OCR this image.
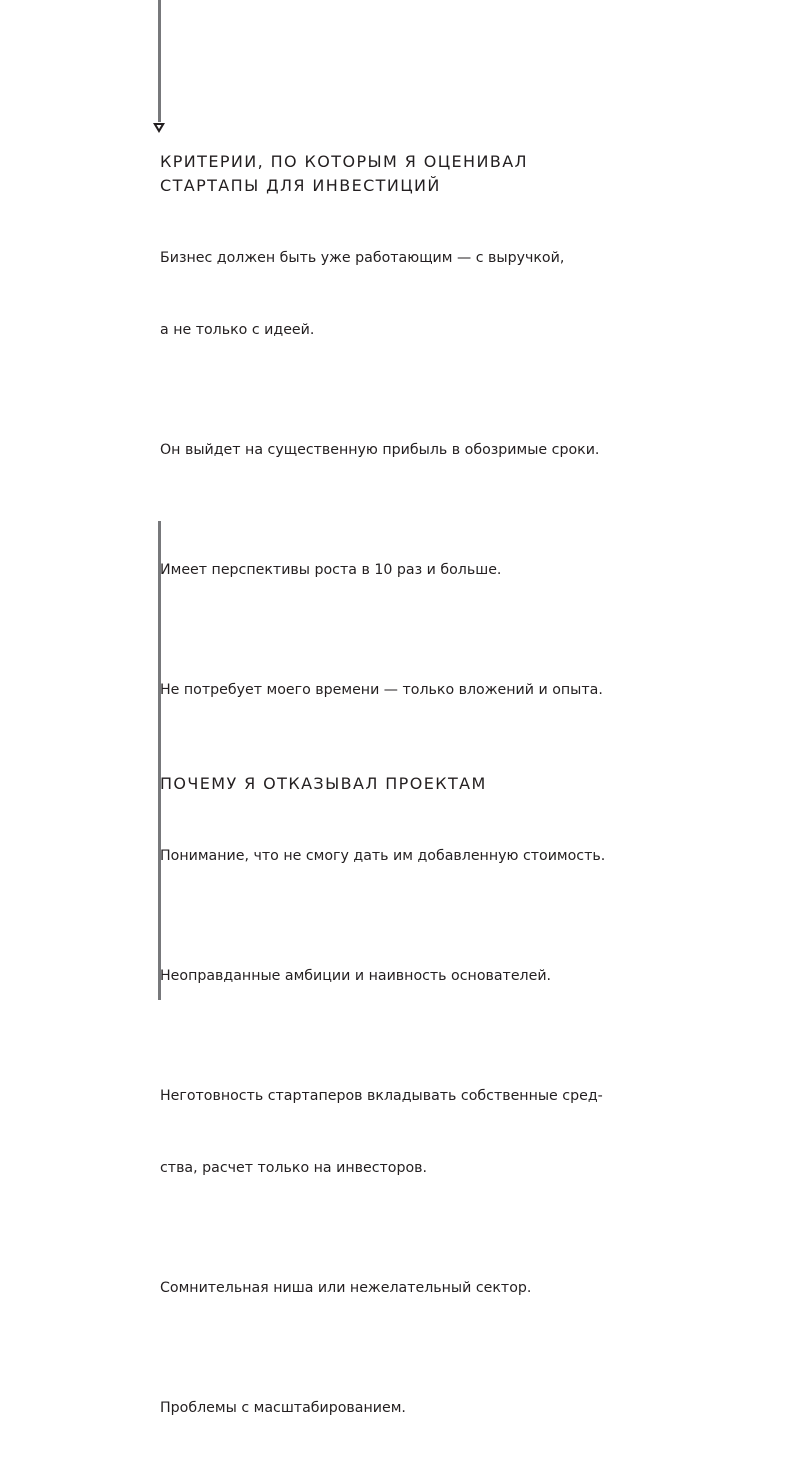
КРИТЕРИИ, ПО КОТОРЫМ Я ОЦЕНИВАЛ
СТАРТАПЫ ДЛЯ ИНВЕСТИЦИЙ

Бизнес должен быть уже работающим — с выручкой,

а не только с идеей.

Он выйдет на существенную прибыль в обозримые сроки.

Имеет перспективы роста в 10 раз и больше.

Не потребует моего времени — только вложений и опыта.

ПОЧЕМУ Я ОТКАЗЫВАЛ ПРОЕКТАМ

Понимание, что не смогу дать им добавленную стоимость.

Неоправданные амбиции и наивность основателей.

Неготовность стартаперов вкладывать собственные сред-

ства, расчет только на инвесторов.

Сомнительная ниша или нежелательный сектор.

Проблемы с масштабированием.
